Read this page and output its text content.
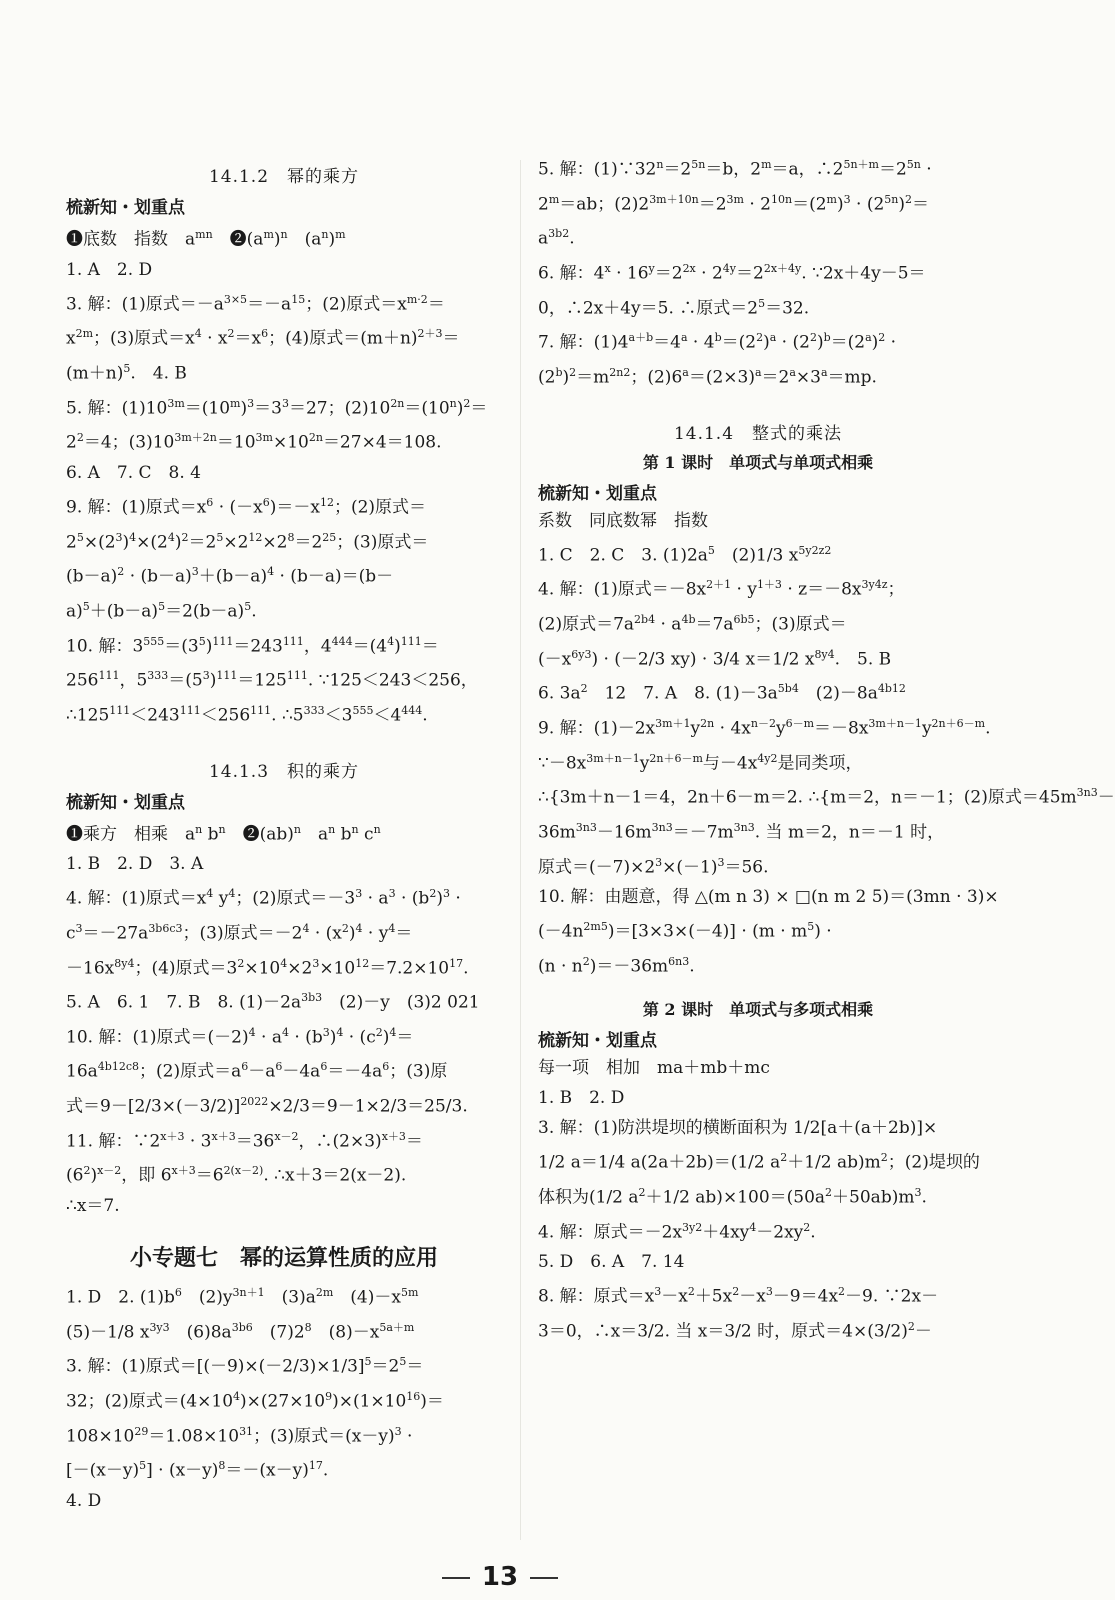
14.1.2　幂的乘方
梳新知・划重点
❶底数　指数　$a^{mn}$　$❷(a^m)^n$　$(a^n)^m$
1. A　2. D
3. 解：(1)原式$=-a^{3\times 5}=-a^{15}$；(2)原式$=x^{m\cdot 2}=$
$x^{2m}$；(3)原式$=x^4 \cdot x^2=x^6$；(4)原式$=(m+n)^{2+3}=$
$(m+n)^5$.　4. B
5. 解：$(1)10^{3m}=(10^m)^3=3^3=27$；$(2)10^{2n}=(10^n)^2=$
$2^2=4$；$(3)10^{3m+2n}=10^{3m}\times 10^{2n}=27\times 4=108$.
6. A　7. C　8. 4
9. 解：(1)原式$=x^6 \cdot (-x^6)=-x^{12}$；(2)原式＝
$2^5\times(2^3)^4\times(2^4)^2=2^5\times 2^{12}\times 2^8=2^{25}$；(3)原式＝
$(b-a)^2 \cdot (b-a)^3+(b-a)^4 \cdot (b-a)=(b-$
$a)^5+(b-a)^5=2(b-a)^5$.
10. 解：$3^{555}=(3^5)^{111}=243^{111}$，$4^{444}=(4^4)^{111}=$
$256^{111}$，$5^{333}=(5^3)^{111}=125^{111}$. ∵125＜243＜256，
$\therefore 125^{111}<243^{111}<256^{111}$. $\therefore 5^{333}<3^{555}<4^{444}$.
14.1.3　积的乘方
梳新知・划重点
❶乘方　相乘　$a^n$ $b^n$　❷(ab)$^n$　$a^n$ $b^n$ $c^n$
1. B　2. D　3. A
4. 解：(1)原式$=x^4$ $y^4$；(2)原式$=-3^3 \cdot a^3 \cdot (b^2)^3$ ·
$c^3=-27a^{3b6c3}$；(3)原式$=-2^4 \cdot (x^2)^4 \cdot y^4=$
$-16x^{8y4}$；(4)原式$=3^2\times 10^4\times 2^3\times 10^{12}=7.2\times 10^{17}$.
5. A　6. 1　7. B　8. $(1)-2a^{3b3}$　(2)－y　(3)2 021
10. 解：(1)原式$=(-2)^4 \cdot a^4 \cdot (b^3)^4 \cdot (c^2)^4=$
$16a^{4b12c8}$；(2)原式$=a^6-a^6-4a^6=-4a^6$；(3)原
式$=9-[2/3\times(-3/2)]^{2022}\times 2/3=9-1\times 2/3=25/3$.
11. 解：$\because 2^{x+3} \cdot 3^{x+3}=36^{x-2}$，$\therefore(2\times 3)^{x+3}=$
$(6^2)^{x-2}$，即 $6^{x+3}=6^{2(x-2)}$. ∴x＋3＝2(x－2).
∴x＝7.
小专题七　幂的运算性质的应用
1. D　2. $(1)b^6$　$(2)y^{3n+1}$　$(3)a^{2m}$　$(4)-x^{5m}$
(5)－1/8 $x^{3y3}$　$(6)8a^{3b6}$　$(7)2^8$　$(8)-x^{5a+m}$
3. 解：(1)原式$=[(-9)\times(-2/3)\times 1/3]^5=2^5=$
32；(2)原式$=(4\times 10^4)\times(27\times 10^9)\times(1\times 10^{16})=$
$108\times 10^{29}=1.08\times 10^{31}$；(3)原式$=(x-y)^3$ ·
$[-(x-y)^5] \cdot (x-y)^8=-(x-y)^{17}$.
4. D
5. 解：$(1)\because 32^n=2^{5n}=b$，$2^m=a$，$\therefore 2^{5n+m}=2^{5n}$ ·
$2^m=ab$；$(2)2^{3m+10n}=2^{3m} \cdot 2^{10n}=(2^m)^3 \cdot (2^{5n})^2=$
$a^{3b2}$.
6. 解：$4^x \cdot 16^y=2^{2x} \cdot 2^{4y}=2^{2x+4y}$. ∵2x＋4y－5＝
0，∴2x＋4y＝5. ∴原式$=2^5=32$.
7. 解：$(1)4^{a+b}=4^a \cdot 4^b=(2^2)^a \cdot (2^2)^b=(2^a)^2$ ·
$(2^b)^2=m^{2n2}$；$(2)6^a=(2\times 3)^a=2^a\times 3^a=mp$.
14.1.4　整式的乘法
第 1 课时　单项式与单项式相乘
梳新知・划重点
系数　同底数幂　指数
1. C　2. C　3. $(1)2a^5$　(2)1/3 $x^{5y2z2}$
4. 解：(1)原式$=-8x^{2+1} \cdot y^{1+3} \cdot z=-8x^{3y4z}$；
(2)原式$=7a^{2b4} \cdot a^{4b}=7a^{6b5}$；(3)原式＝
$(-x^{6y3}) \cdot (-2/3$ xy) · 3/4 x＝1/2 $x^{8y4}$.　5. B
6. $3a^2$　12　7. A　8. $(1)-3a^{5b4}$　$(2)-8a^{4b12}$
9. 解：$(1)-2x^{3m+1}y^{2n} \cdot 4x^{n-2}y^{6-m}=-8x^{3m+n-1}y^{2n+6-m}$.
$\because-8x^{3m+n-1}y^{2n+6-m}$与$-4x^{4y2}$是同类项，
∴{3m＋n－1＝4，2n＋6－m＝2. ∴{m＝2，n＝－1；(2)原式$=45m^{3n3}-$
$36m^{3n3}-16m^{3n3}=-7m^{3n3}$. 当 m＝2，n＝－1 时，
原式$=(-7)\times 2^3\times(-1)^3=56$.
10. 解：由题意，得 △(m n 3) × □(n m 2 5)＝(3mn · 3)×
$(-4n^{2m5})=[3\times 3\times(-4)] \cdot (m \cdot m^5)$ ·
$(n \cdot n^2)=-36m^{6n3}$.
第 2 课时　单项式与多项式相乘
梳新知・划重点
每一项　相加　ma＋mb＋mc
1. B　2. D
3. 解：(1)防洪堤坝的横断面积为 1/2[a＋(a＋2b)]×
1/2 a＝1/4 a(2a＋2b)＝(1/2 $a^2+1/2$ $ab)m^2$；(2)堤坝的
体积为(1/2 $a^2+1/2$ $ab)\times 100=(50a^2+50ab)m^3$.
4. 解：原式$=-2x^{3y2}+4xy^4-2xy^2$.
5. D　6. A　7. 14
8. 解：原式$=x^3-x^2+5x^2-x^3-9=4x^2-9$. ∵2x－
3＝0，∴x＝3/2. 当 x＝3/2 时，原式$=4\times(3/2)^2-$
13
